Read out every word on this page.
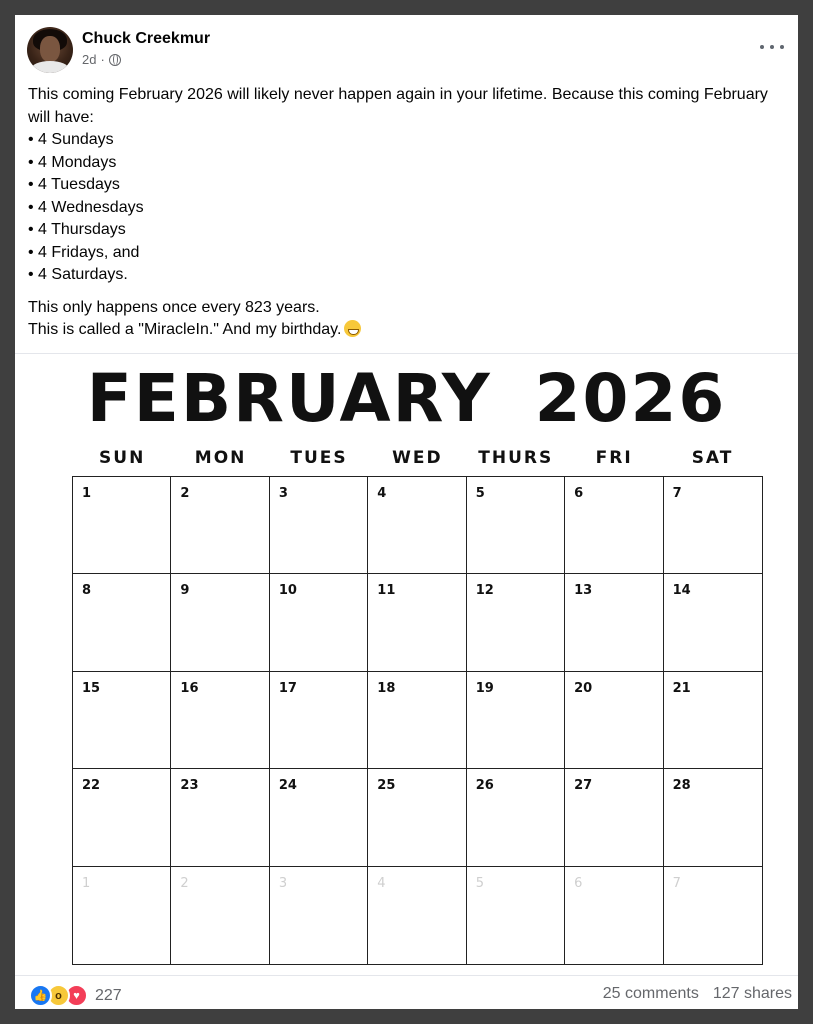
Chuck Creekmur
2d ·

This coming February 2026 will likely never happen again in your lifetime. Because this coming February will have:

• 4 Sundays

• 4 Mondays

• 4 Tuesdays

• 4 Wednesdays

• 4 Thursdays

• 4 Fridays, and

• 4 Saturdays.

This only happens once every 823 years.

This is called a "MiracleIn." And my birthday.

FEBRUARY 2026
SUN	MON	TUES	WED	THURS	FRI	SAT
1	2	3	4	5	6	7
8	9	10	11	12	13	14
15	16	17	18	19	20	21
22	23	24	25	26	27	28
1	2	3	4	5	6	7
👍 o	♥ 227	25 comments 127 shares
